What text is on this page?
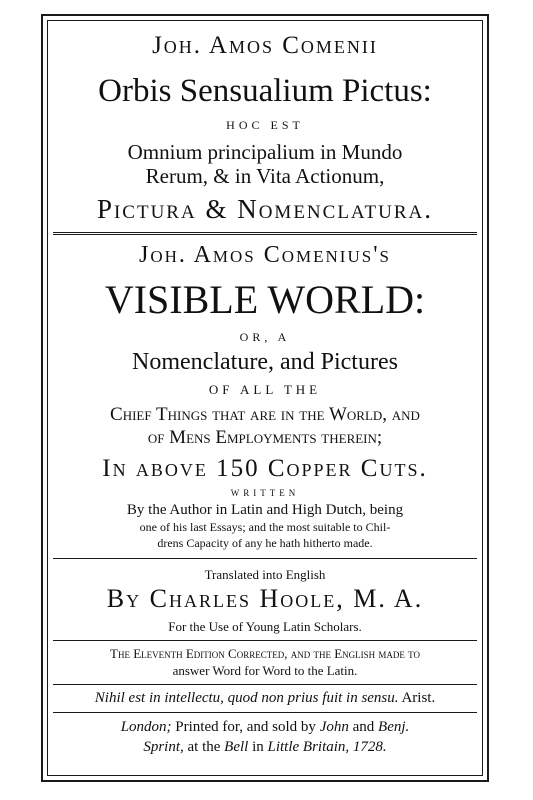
Joh. Amos Comenii
Orbis Sensualium Pictus:
HOC EST
Omnium principalium in Mundo
Rerum, & in Vita Actionum,
Pictura & Nomenclatura.
Joh. Amos Comenius's
VISIBLE WORLD:
OR, A
Nomenclature, and Pictures
OF ALL THE
Chief Things that are in the World, and
of Mens Employments therein;
In above 150 Copper Cuts.
WRITTEN
By the Author in Latin and High Dutch, being
one of his last Essays; and the most suitable to Chil-
drens Capacity of any he hath hitherto made.
Translated into English
By Charles Hoole, M. A.
For the Use of Young Latin Scholars.
The Eleventh Edition Corrected, and the English made to
answer Word for Word to the Latin.
Nihil est in intellectu, quod non prius fuit in sensu. Arist.
London; Printed for, and sold by John and Benj.
Sprint, at the Bell in Little Britain, 1728.
